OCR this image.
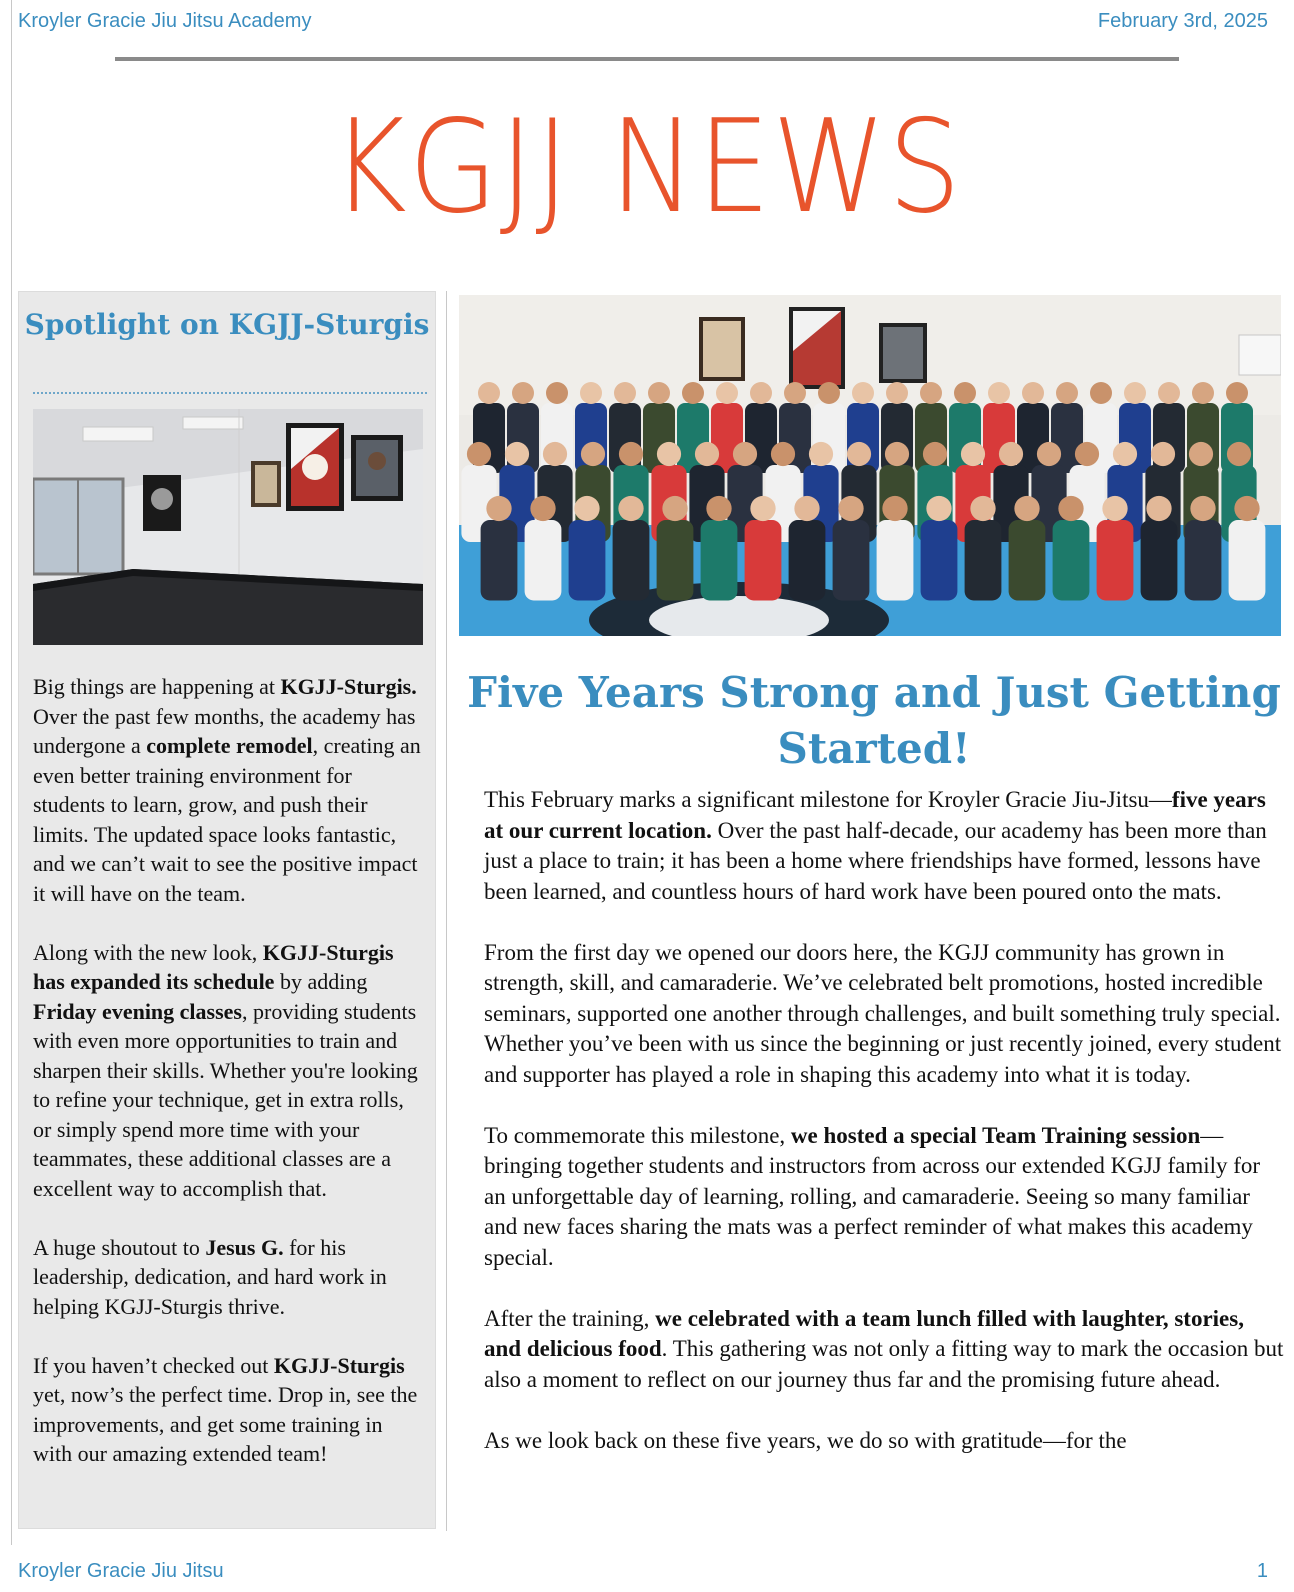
Kroyler Gracie Jiu Jitsu Academy	February 3rd, 2025
KGJJ NEWS
Spotlight on KGJJ-Sturgis

Big things are happening at KGJJ-Sturgis. Over the past few months, the academy has undergone a complete remodel, creating an even better training environment for students to learn, grow, and push their limits. The updated space looks fantastic, and we can’t wait to see the positive impact it will have on the team.

Along with the new look, KGJJ-Sturgis has expanded its schedule by adding Friday evening classes, providing students with even more opportunities to train and sharpen their skills. Whether you're looking to refine your technique, get in extra rolls, or simply spend more time with your teammates, these additional classes are a excellent way to accomplish that.

A huge shoutout to Jesus G. for his leadership, dedication, and hard work in helping KGJJ-Sturgis thrive.

If you haven’t checked out KGJJ-Sturgis yet, now’s the perfect time. Drop in, see the improvements, and get some training in with our amazing extended team!

Five Years Strong and Just Getting Started!

This February marks a significant milestone for Kroyler Gracie Jiu-Jitsu—five years at our current location. Over the past half-decade, our academy has been more than just a place to train; it has been a home where friendships have formed, lessons have been learned, and countless hours of hard work have been poured onto the mats.

From the first day we opened our doors here, the KGJJ community has grown in strength, skill, and camaraderie. We’ve celebrated belt promotions, hosted incredible seminars, supported one another through challenges, and built something truly special. Whether you’ve been with us since the beginning or just recently joined, every student and supporter has played a role in shaping this academy into what it is today.

To commemorate this milestone, we hosted a special Team Training session—bringing together students and instructors from across our extended KGJJ family for an unforgettable day of learning, rolling, and camaraderie. Seeing so many familiar and new faces sharing the mats was a perfect reminder of what makes this academy special.

After the training, we celebrated with a team lunch filled with laughter, stories, and delicious food. This gathering was not only a fitting way to mark the occasion but also a moment to reflect on our journey thus far and the promising future ahead.

As we look back on these five years, we do so with gratitude—for the

Kroyler Gracie Jiu Jitsu	1
